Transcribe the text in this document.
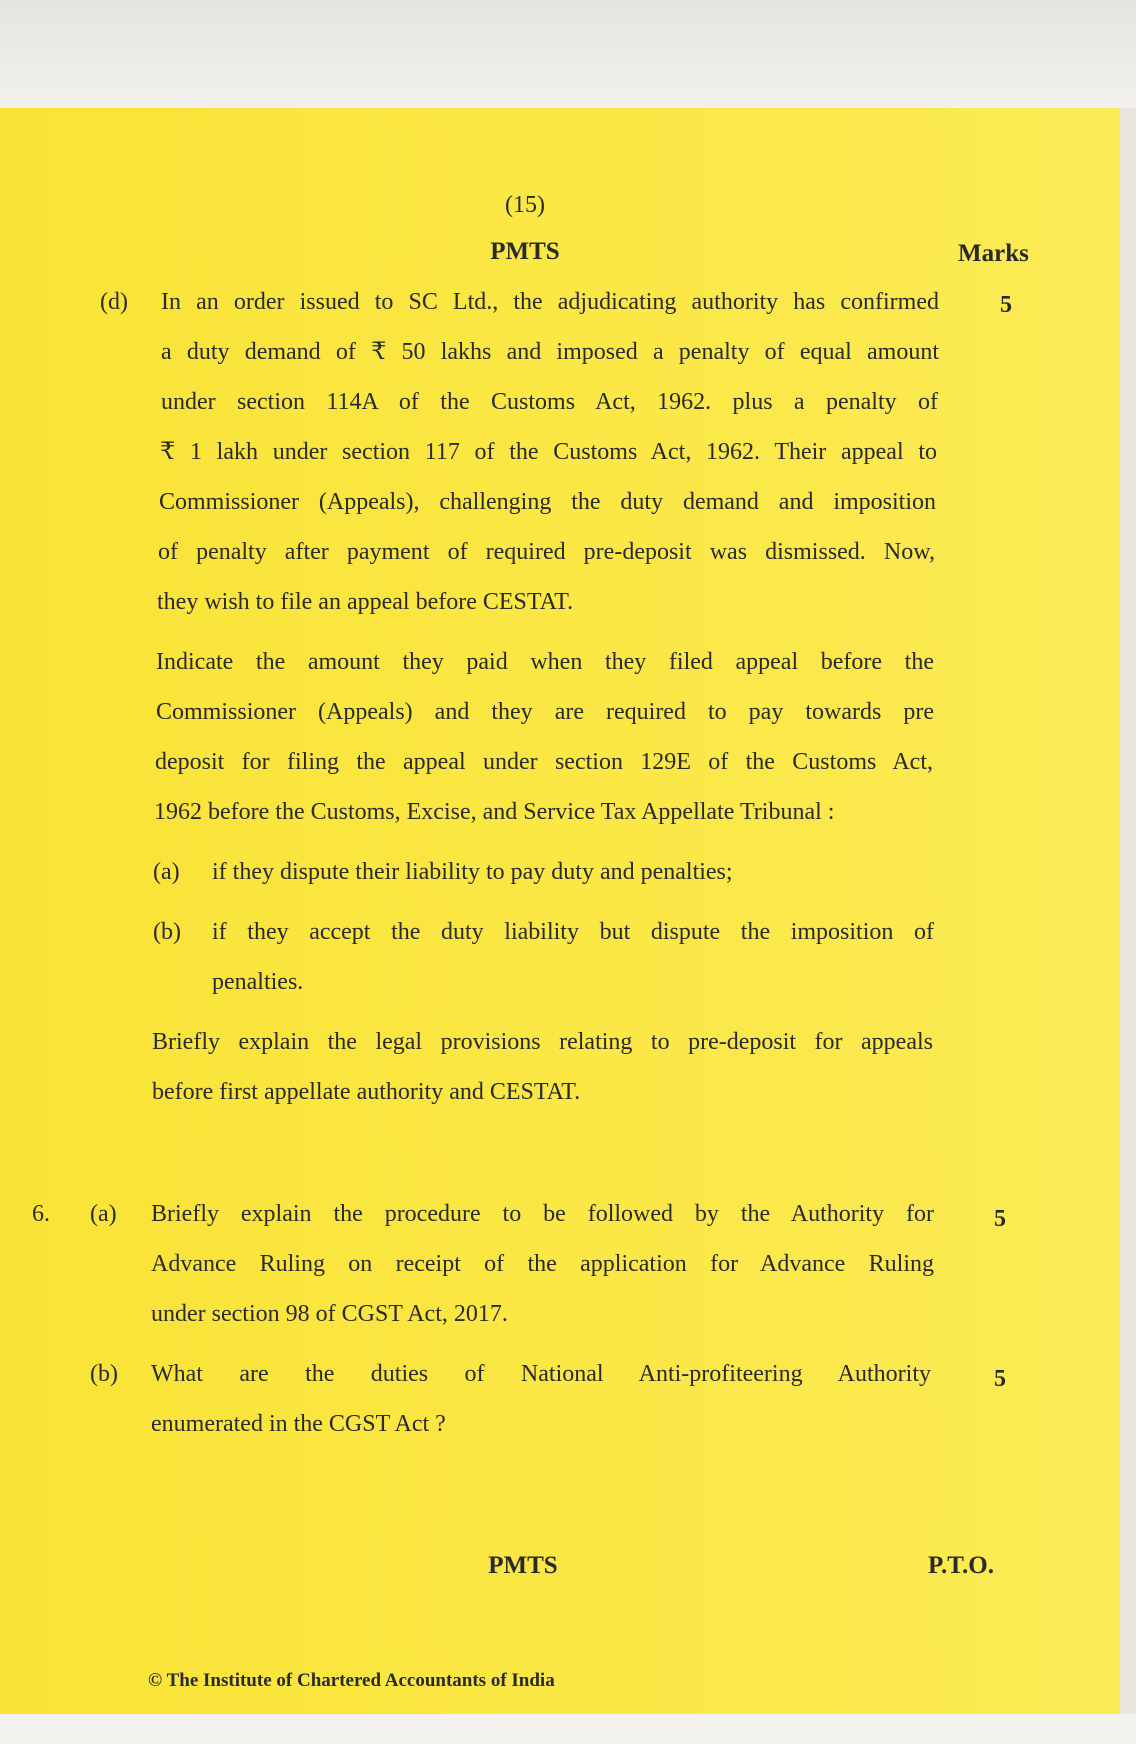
(15)
PMTS	Marks
(d)	5
In an order issued to SC Ltd., the adjudicating authority has confirmed
a duty demand of ₹ 50 lakhs and imposed a penalty of equal amount
under section 114A of the Customs Act, 1962. plus a penalty of
₹ 1 lakh under section 117 of the Customs Act, 1962. Their appeal to
Commissioner (Appeals), challenging the duty demand and imposition
of penalty after payment of required pre-deposit was dismissed. Now,
they wish to file an appeal before CESTAT.
Indicate the amount they paid when they filed appeal before the
Commissioner (Appeals) and they are required to pay towards pre
deposit for filing the appeal under section 129E of the Customs Act,
1962 before the Customs, Excise, and Service Tax Appellate Tribunal :
(a) if they dispute their liability to pay duty and penalties;
(b) if they accept the duty liability but dispute the imposition of
penalties.
Briefly explain the legal provisions relating to pre-deposit for appeals
before first appellate authority and CESTAT.
6. (a)	5
Briefly explain the procedure to be followed by the Authority for
Advance Ruling on receipt of the application for Advance Ruling
under section 98 of CGST Act, 2017.
(b)	5
What are the duties of National Anti-profiteering Authority
enumerated in the CGST Act ?
PMTS	P.T.O.
© The Institute of Chartered Accountants of India
